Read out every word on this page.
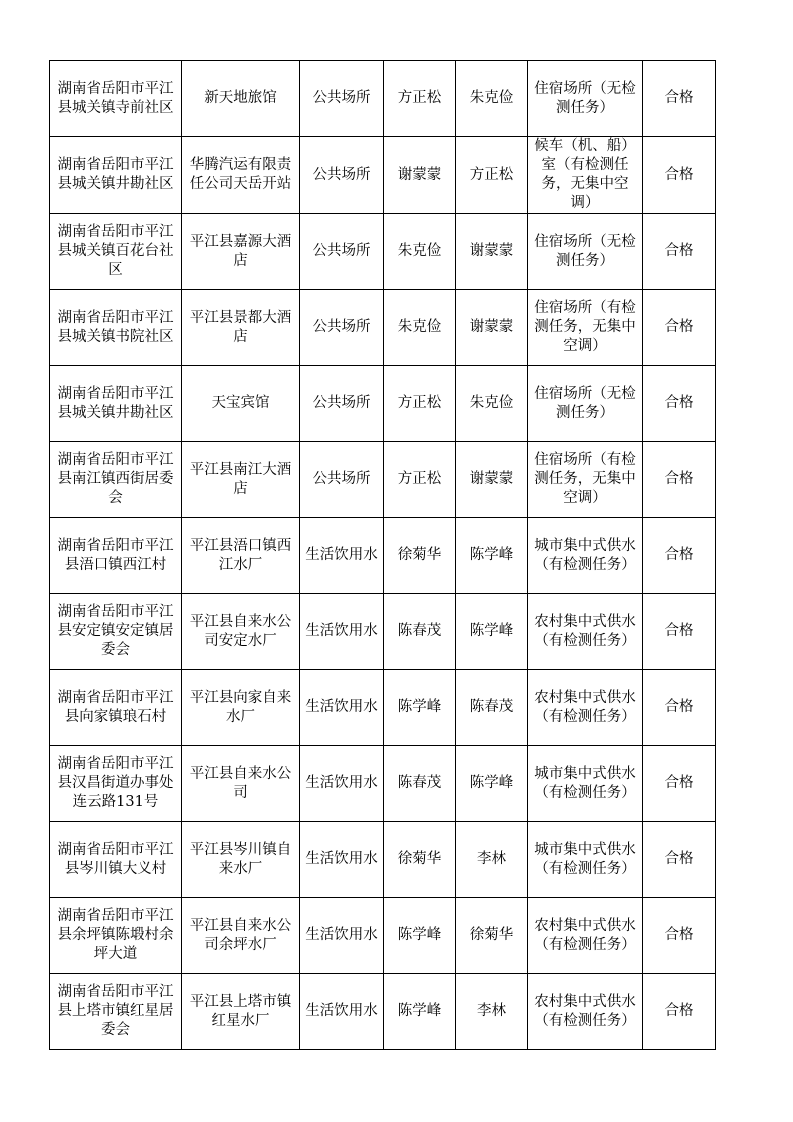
湖南省岳阳市平江县城关镇寺前社区	新天地旅馆	公共场所	方正松	朱克俭	住宿场所（无检测任务）	合格
湖南省岳阳市平江县城关镇井勘社区	华腾汽运有限责任公司天岳开站	公共场所	谢蒙蒙	方正松	候车（机、船）室（有检测任务，无集中空调）	合格
湖南省岳阳市平江县城关镇百花台社区	平江县嘉源大酒店	公共场所	朱克俭	谢蒙蒙	住宿场所（无检测任务）	合格
湖南省岳阳市平江县城关镇书院社区	平江县景都大酒店	公共场所	朱克俭	谢蒙蒙	住宿场所（有检测任务，无集中空调）	合格
湖南省岳阳市平江县城关镇井勘社区	天宝宾馆	公共场所	方正松	朱克俭	住宿场所（无检测任务）	合格
湖南省岳阳市平江县南江镇西街居委会	平江县南江大酒店	公共场所	方正松	谢蒙蒙	住宿场所（有检测任务，无集中空调）	合格
湖南省岳阳市平江县浯口镇西江村	平江县浯口镇西江水厂	生活饮用水	徐菊华	陈学峰	城市集中式供水（有检测任务）	合格
湖南省岳阳市平江县安定镇安定镇居委会	平江县自来水公司安定水厂	生活饮用水	陈春茂	陈学峰	农村集中式供水（有检测任务）	合格
湖南省岳阳市平江县向家镇琅石村	平江县向家自来水厂	生活饮用水	陈学峰	陈春茂	农村集中式供水（有检测任务）	合格
湖南省岳阳市平江县汉昌街道办事处连云路131号	平江县自来水公司	生活饮用水	陈春茂	陈学峰	城市集中式供水（有检测任务）	合格
湖南省岳阳市平江县岑川镇大义村	平江县岑川镇自来水厂	生活饮用水	徐菊华	李林	城市集中式供水（有检测任务）	合格
湖南省岳阳市平江县余坪镇陈塅村余坪大道	平江县自来水公司余坪水厂	生活饮用水	陈学峰	徐菊华	农村集中式供水（有检测任务）	合格
湖南省岳阳市平江县上塔市镇红星居委会	平江县上塔市镇红星水厂	生活饮用水	陈学峰	李林	农村集中式供水（有检测任务）	合格
